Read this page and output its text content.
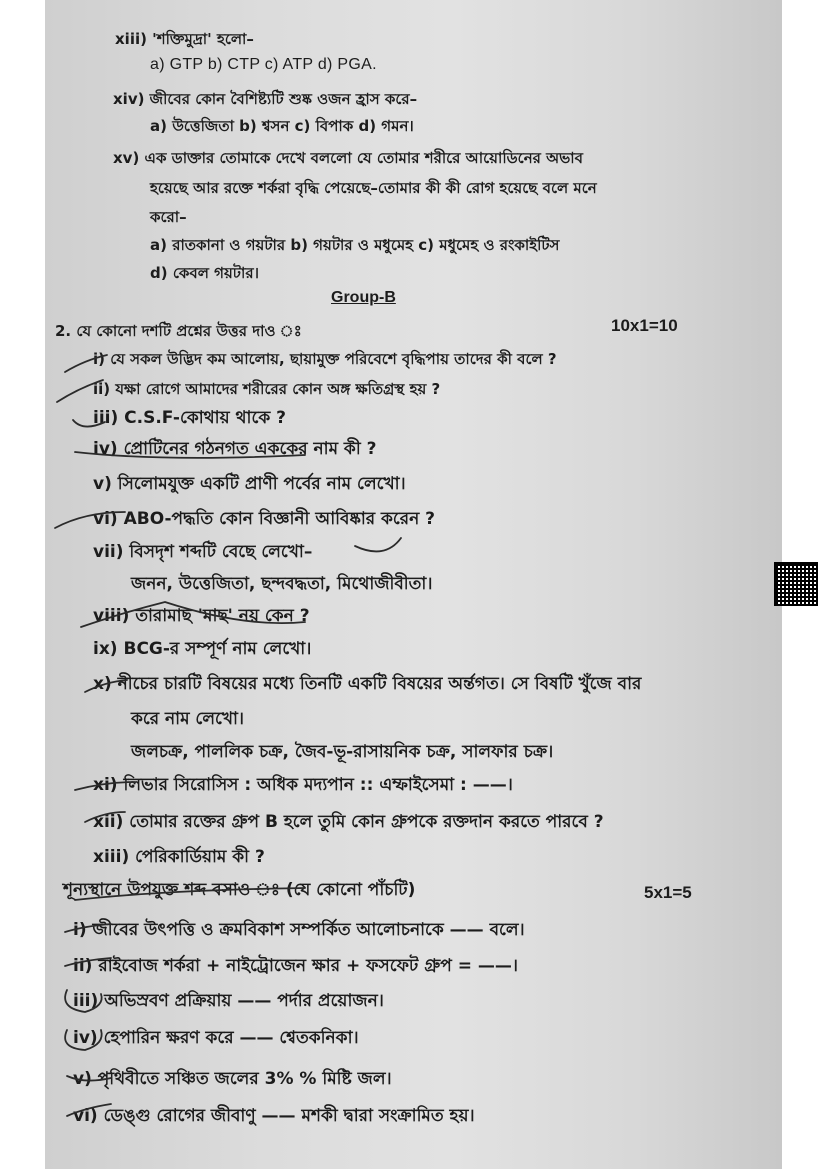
xiii) 'শক্তিমুদ্রা' হলো–
a) GTP b) CTP c) ATP d) PGA.
xiv) জীবের কোন বৈশিষ্ট্যটি শুষ্ক ওজন হ্রাস করে–
a) উত্তেজিতা b) শ্বসন c) বিপাক d) গমন।
xv) এক ডাক্তার তোমাকে দেখে বললো যে তোমার শরীরে আয়োডিনের অভাব
হয়েছে আর রক্তে শর্করা বৃদ্ধি পেয়েছে–তোমার কী কী রোগ হয়েছে বলে মনে
করো–
a) রাতকানা ও গয়টার b) গয়টার ও মধুমেহ c) মধুমেহ ও রংকাইটিস
d) কেবল গয়টার।
Group-B
2. যে কোনো দশটি প্রশ্নের উত্তর দাও ঃ	10x1=10
i) যে সকল উদ্ভিদ কম আলোয়, ছায়ামুক্ত পরিবেশে বৃদ্ধিপায় তাদের কী বলে ?
ii) যক্ষা রোগে আমাদের শরীরের কোন অঙ্গ ক্ষতিগ্রস্থ হয় ?
iii) C.S.F-কোথায় থাকে ?
iv) প্রোটিনের গঠনগত এককের নাম কী ?
v) সিলোমযুক্ত একটি প্রাণী পর্বের নাম লেখো।
vi) ABO-পদ্ধতি কোন বিজ্ঞানী আবিষ্কার করেন ?
vii) বিসদৃশ শব্দটি বেছে লেখো–
জনন, উত্তেজিতা, ছন্দবদ্ধতা, মিথোজীবীতা।
viii) তারামাছ 'মাছ' নয় কেন ?
ix) BCG-র সম্পূর্ণ নাম লেখো।
x) নীচের চারটি বিষয়ের মধ্যে তিনটি একটি বিষয়ের অর্ন্তগত। সে বিষটি খুঁজে বার
করে নাম লেখো।
জলচক্র, পাললিক চক্র, জৈব-ভূ-রাসায়নিক চক্র, সালফার চক্র।
xi) লিভার সিরোসিস : অধিক মদ্যপান :: এম্ফাইসেমা : ——।
xii) তোমার রক্তের গ্রুপ B হলে তুমি কোন গ্রুপকে রক্তদান করতে পারবে ?
xiii) পেরিকার্ডিয়াম কী ?
শূন্যস্থানে উপযুক্ত শব্দ বসাও ঃ (যে কোনো পাঁচটি)	5x1=5
i) জীবের উৎপত্তি ও ক্রমবিকাশ সম্পর্কিত আলোচনাকে —— বলে।
ii) রাইবোজ শর্করা + নাইট্রোজেন ক্ষার + ফসফেট গ্রুপ = ——।
iii) অভিস্রবণ প্রক্রিয়ায় —— পর্দার প্রয়োজন।
iv) হেপারিন ক্ষরণ করে —— শ্বেতকনিকা।
v) পৃথিবীতে সঞ্চিত জলের 3% % মিষ্টি জল।
vi) ডেঙ্গু রোগের জীবাণু —— মশকী দ্বারা সংক্রামিত হয়।
